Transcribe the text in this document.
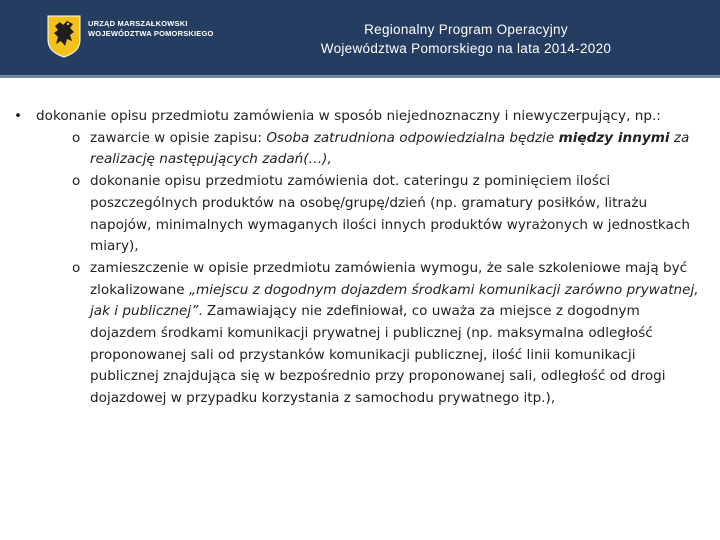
URZĄD MARSZAŁKOWSKI
WOJEWÓDZTWA POMORSKIEGO	Regionalny Program Operacyjny
Województwa Pomorskiego na lata 2014-2020
•	dokonanie opisu przedmiotu zamówienia w sposób niejednoznaczny i niewyczerpujący, np.:
o zawarcie w opisie zapisu: Osoba zatrudniona odpowiedzialna będzie między innymi za realizację następujących zadań(…),
o dokonanie opisu przedmiotu zamówienia dot. cateringu z pominięciem ilości poszczególnych produktów na osobę/grupę/dzień (np. gramatury posiłków, litrażu napojów, minimalnych wymaganych ilości innych produktów wyrażonych w jednostkach miary),
o zamieszczenie w opisie przedmiotu zamówienia wymogu, że sale szkoleniowe mają być zlokalizowane „miejscu z dogodnym dojazdem środkami komunikacji zarówno prywatnej, jak i publicznej”. Zamawiający nie zdefiniował, co uważa za miejsce z dogodnym dojazdem środkami komunikacji prywatnej i publicznej (np. maksymalna odległość proponowanej sali od przystanków komunikacji publicznej, ilość linii komunikacji publicznej znajdująca się w bezpośrednio przy proponowanej sali, odległość od drogi dojazdowej w przypadku korzystania z samochodu prywatnego itp.),
